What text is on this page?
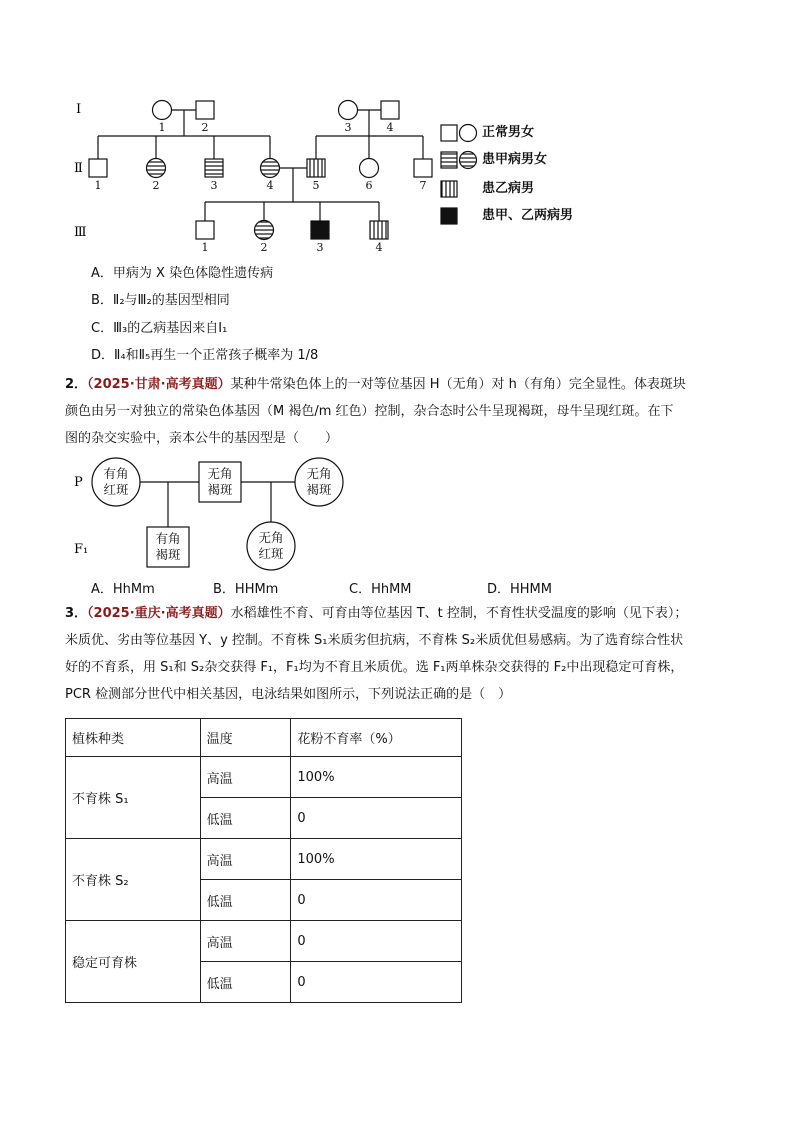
Ⅰ
Ⅱ
Ⅲ
1	2	3	4
1	2	3	4	5	6	7
1	2	3	4
正常男女
患甲病男女
患乙病男
患甲、乙两病男
A．甲病为 X 染色体隐性遗传病
B．Ⅱ₂与Ⅲ₂的基因型相同
C．Ⅲ₃的乙病基因来自Ⅰ₁
D．Ⅱ₄和Ⅱ₅再生一个正常孩子概率为 1/8
2．（2025·甘肃·高考真题）某种牛常染色体上的一对等位基因 H（无角）对 h（有角）完全显性。体表斑块
颜色由另一对独立的常染色体基因（M 褐色/m 红色）控制，杂合态时公牛呈现褐斑，母牛呈现红斑。在下
图的杂交实验中，亲本公牛的基因型是（　　）
有角
红斑
无角
褐斑
无角
褐斑
有角
褐斑
无角
红斑
P
F₁
A．HhMm	B．HHMm	C．HhMM	D．HHMM
3．（2025·重庆·高考真题）水稻雄性不育、可育由等位基因 T、t 控制，不育性状受温度的影响（见下表）；
米质优、劣由等位基因 Y、y 控制。不育株 S₁米质劣但抗病，不育株 S₂米质优但易感病。为了选育综合性状
好的不育系，用 S₁和 S₂杂交获得 F₁，F₁均为不育且米质优。选 F₁两单株杂交获得的 F₂中出现稳定可育株，
PCR 检测部分世代中相关基因，电泳结果如图所示，下列说法正确的是（　）
植株种类	温度	花粉不育率（%）
不育株 S₁	高温	100%
	低温	0
不育株 S₂	高温	100%
	低温	0
稳定可育株	高温	0
	低温	0
